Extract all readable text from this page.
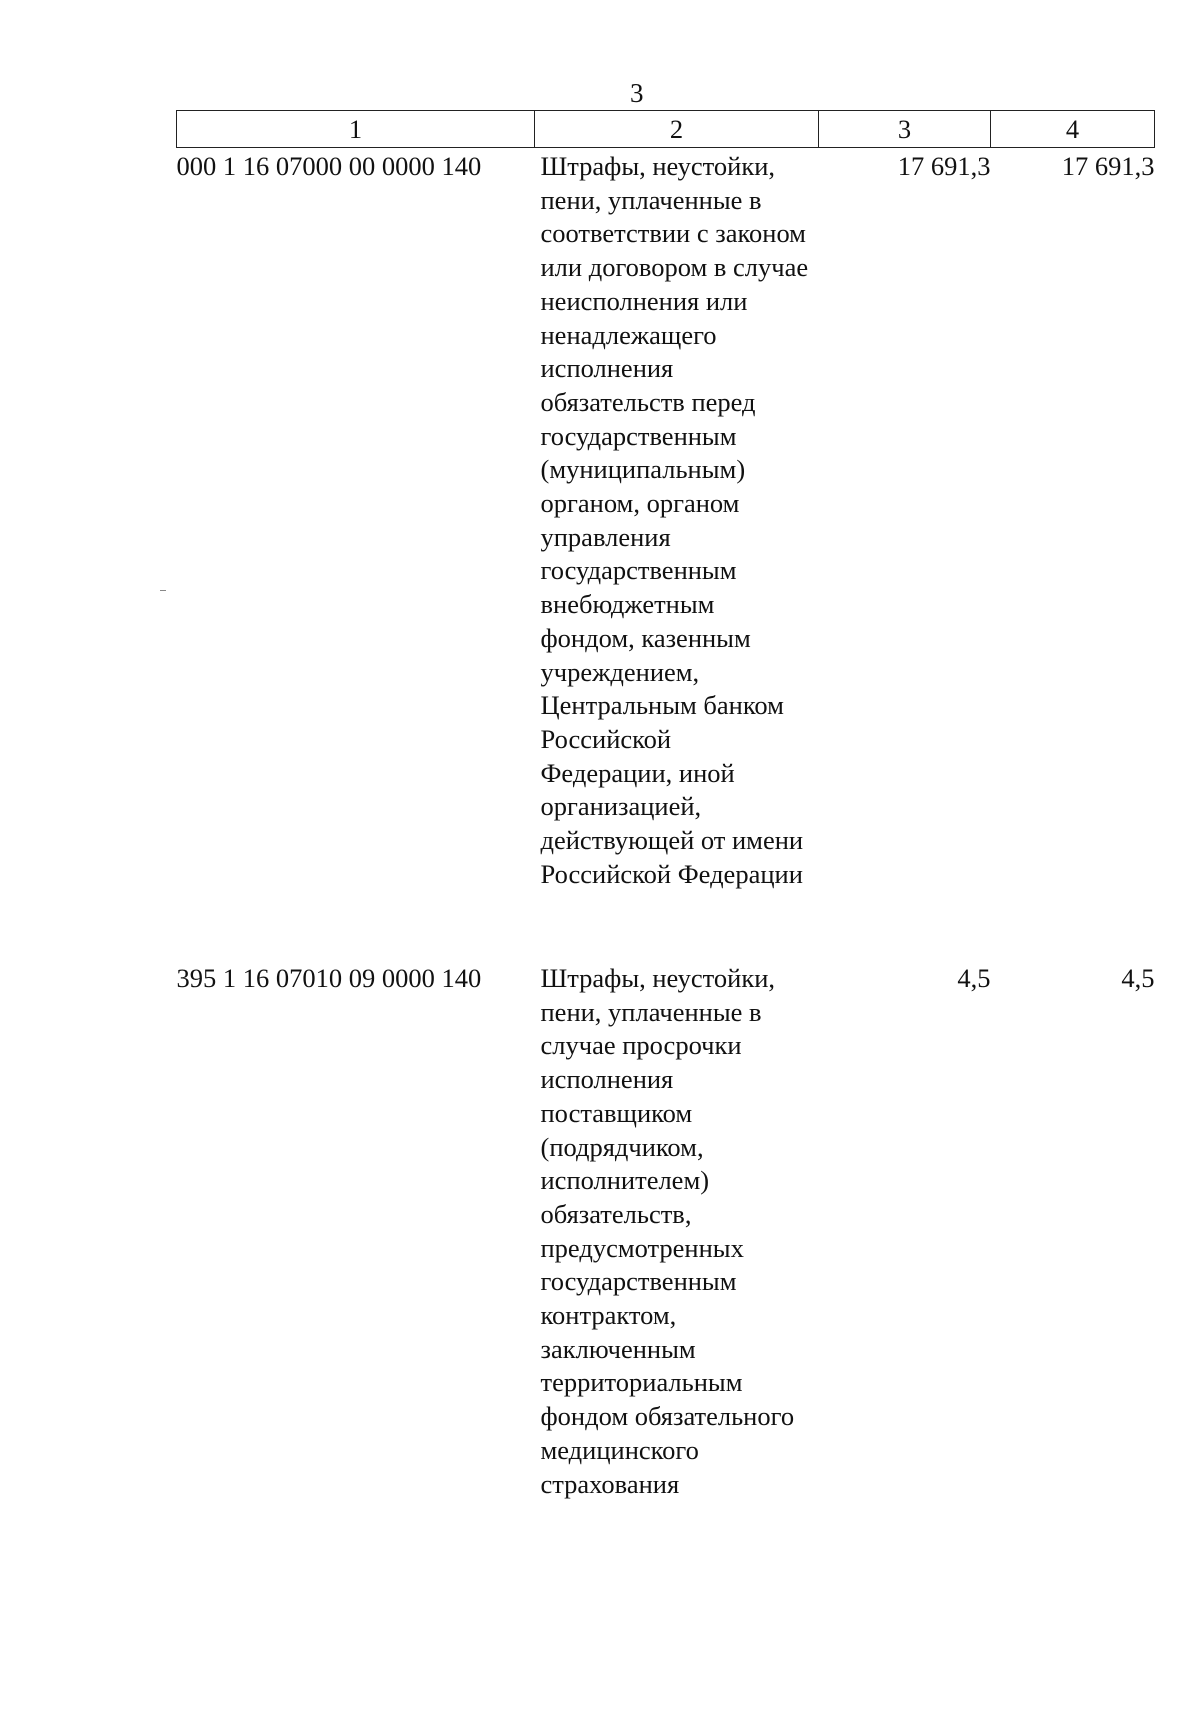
3
1	2	3	4
000 1 16 07000 00 0000 140	Штрафы, неустойки, пени, уплаченные в соответствии с законом или договором в случае неисполнения или ненадлежащего исполнения обязательств перед государственным (муниципальным) органом, органом управления государственным внебюджетным фондом, казенным учреждением, Центральным банком Российской Федерации, иной организацией, действующей от имени Российской Федерации	17 691,3	17 691,3
395 1 16 07010 09 0000 140	Штрафы, неустойки, пени, уплаченные в случае просрочки исполнения поставщиком (подрядчиком, исполнителем) обязательств, предусмотренных государственным контрактом, заключенным территориальным фондом обязательного медицинского страхования	4,5	4,5
